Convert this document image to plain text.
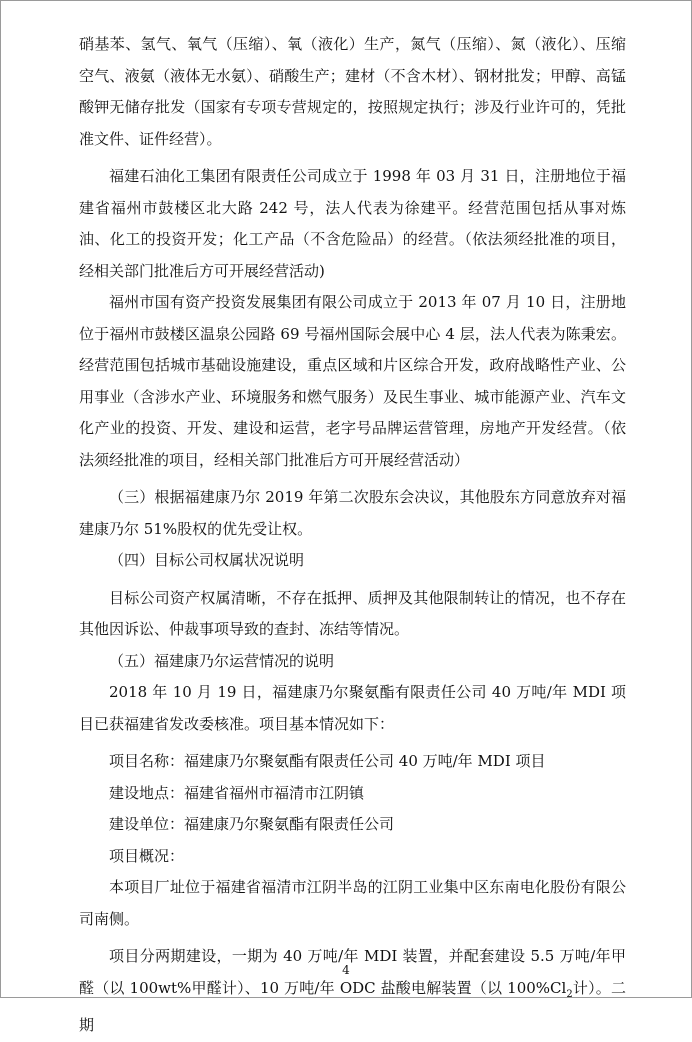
硝基苯、氢气、氧气（压缩）、氧（液化）生产，氮气（压缩）、氮（液化）、压缩空气、液氨（液体无水氨）、硝酸生产；建材（不含木材）、钢材批发；甲醇、高锰酸钾无储存批发（国家有专项专营规定的，按照规定执行；涉及行业许可的，凭批准文件、证件经营）。

福建石油化工集团有限责任公司成立于 1998 年 03 月 31 日，注册地位于福建省福州市鼓楼区北大路 242 号，法人代表为徐建平。经营范围包括从事对炼油、化工的投资开发；化工产品（不含危险品）的经营。（依法须经批准的项目，经相关部门批准后方可开展经营活动)

福州市国有资产投资发展集团有限公司成立于 2013 年 07 月 10 日，注册地位于福州市鼓楼区温泉公园路 69 号福州国际会展中心 4 层，法人代表为陈秉宏。经营范围包括城市基础设施建设，重点区域和片区综合开发，政府战略性产业、公用事业（含涉水产业、环境服务和燃气服务）及民生事业、城市能源产业、汽车文化产业的投资、开发、建设和运营，老字号品牌运营管理，房地产开发经营。（依法须经批准的项目，经相关部门批准后方可开展经营活动）

（三）根据福建康乃尔 2019 年第二次股东会决议，其他股东方同意放弃对福建康乃尔 51%股权的优先受让权。

（四）目标公司权属状况说明

目标公司资产权属清晰，不存在抵押、质押及其他限制转让的情况，也不存在其他因诉讼、仲裁事项导致的查封、冻结等情况。

（五）福建康乃尔运营情况的说明

2018 年 10 月 19 日，福建康乃尔聚氨酯有限责任公司 40 万吨/年 MDI 项目已获福建省发改委核准。项目基本情况如下：

项目名称：福建康乃尔聚氨酯有限责任公司 40 万吨/年 MDI 项目

建设地点：福建省福州市福清市江阴镇

建设单位：福建康乃尔聚氨酯有限责任公司

项目概况：

本项目厂址位于福建省福清市江阴半岛的江阴工业集中区东南电化股份有限公司南侧。

项目分两期建设，一期为 40 万吨/年 MDI 装置，并配套建设 5.5 万吨/年甲醛（以 100wt%甲醛计）、10 万吨/年 ODC 盐酸电解装置（以 $100\%Cl_2$计）。二期

4
